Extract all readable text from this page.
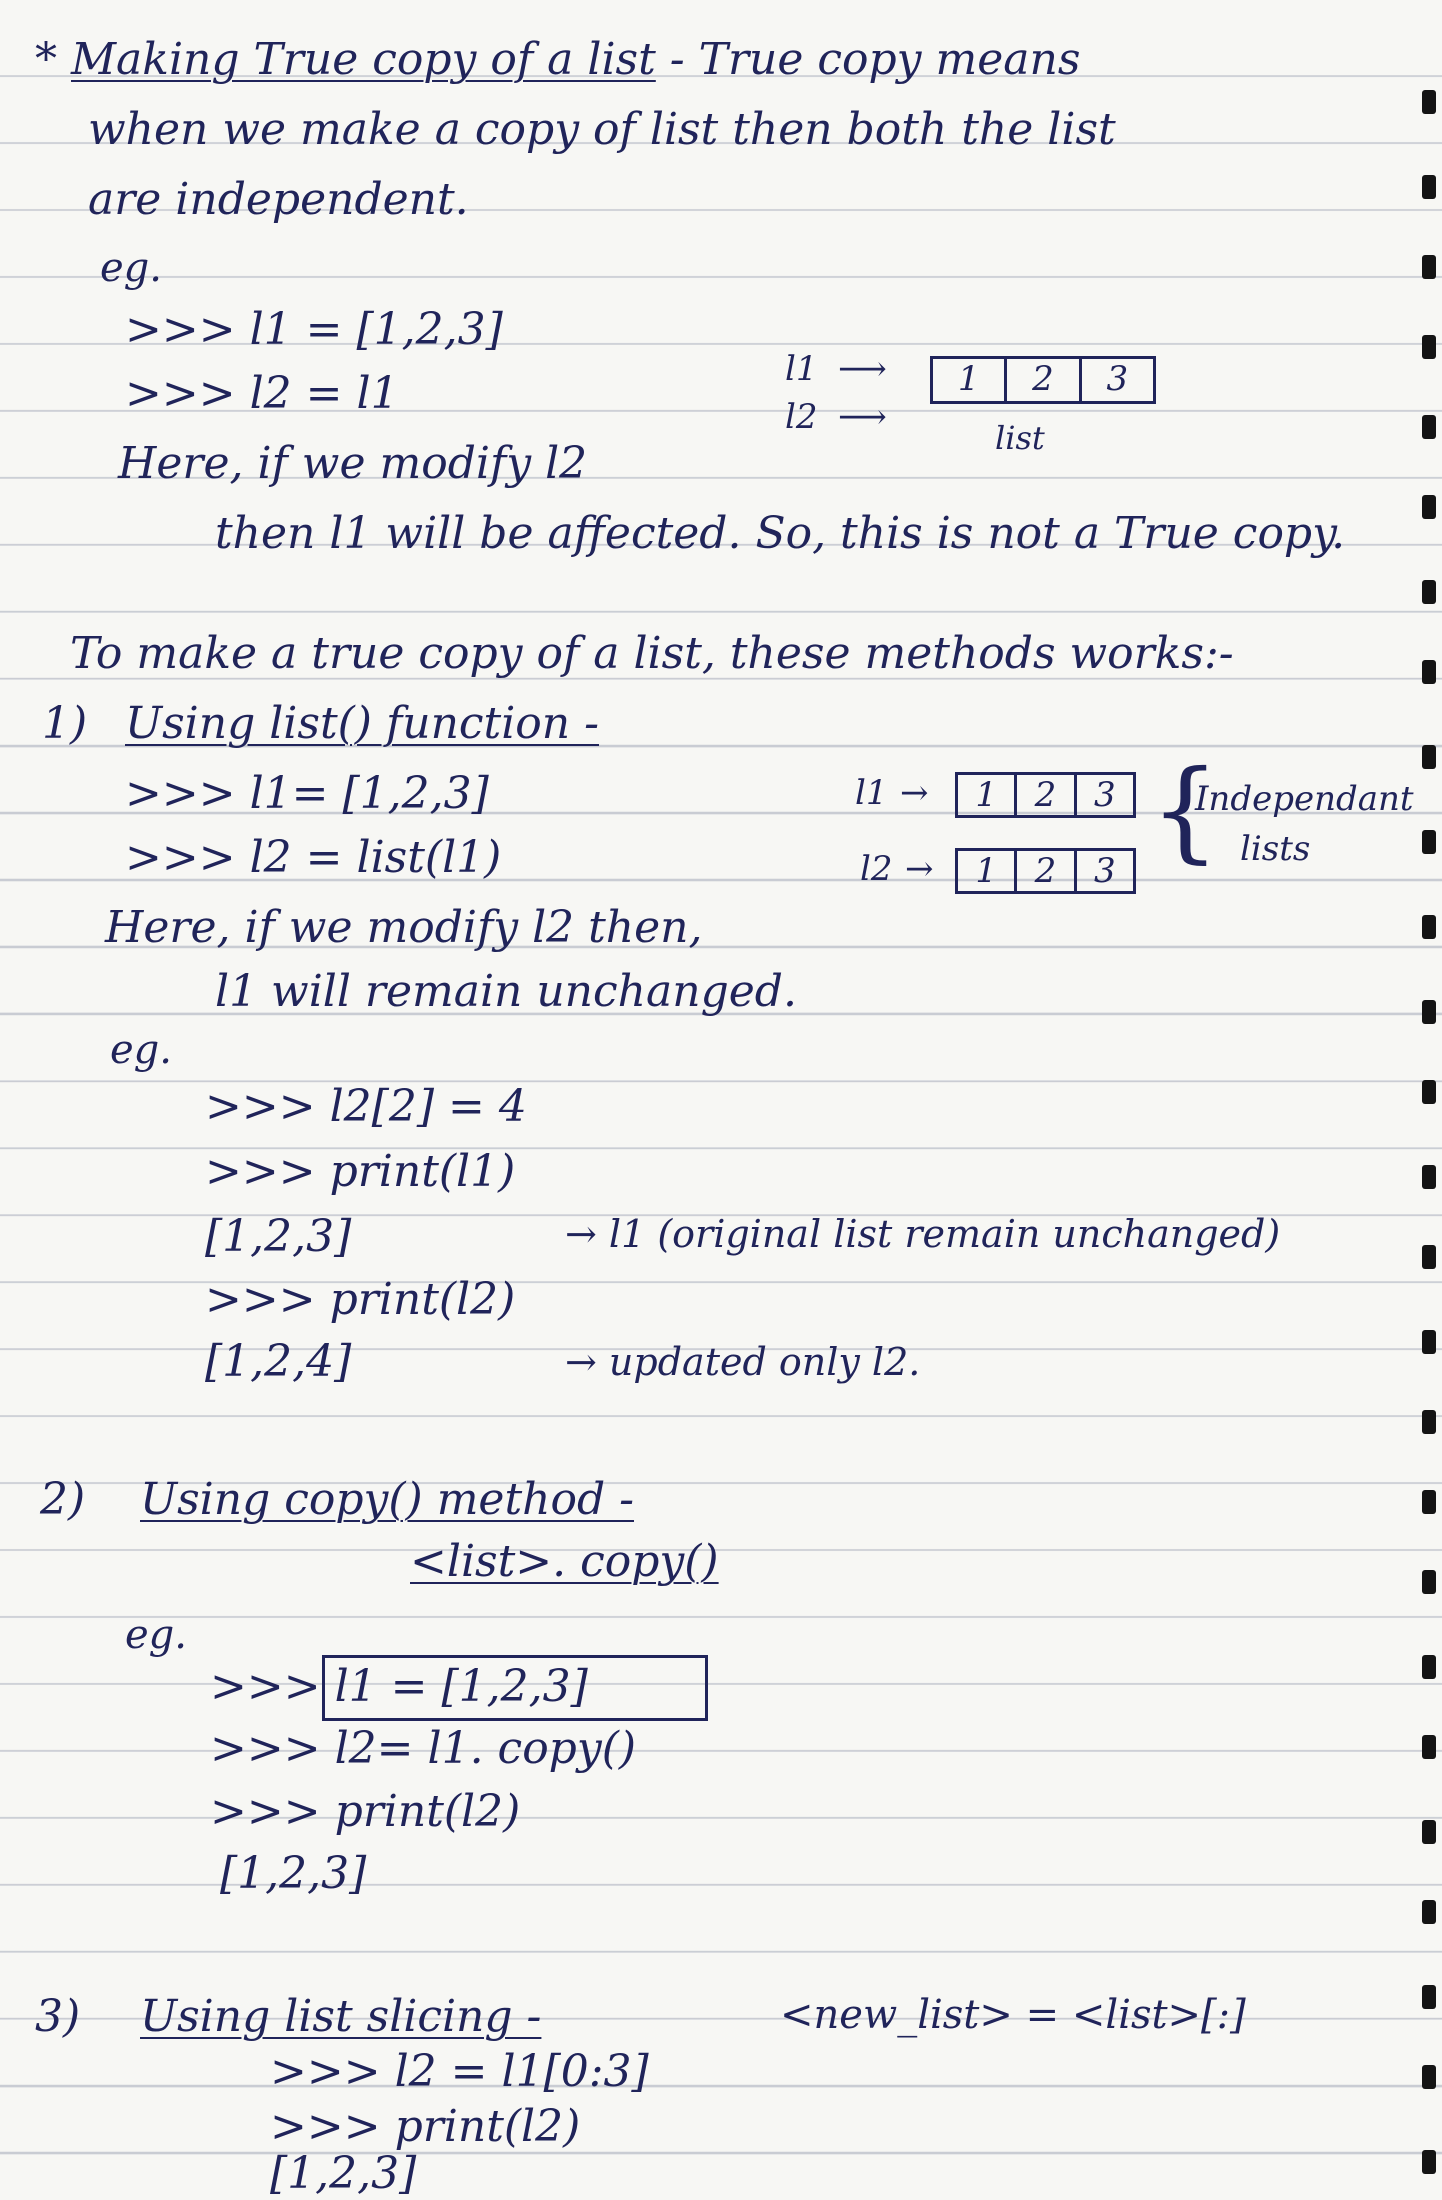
* Making True copy of a list - True copy means
when we make a copy of list then both the list
are independent.
eg.
>>> l1 = [1,2,3]
>>> l2 = l1	l1
l2
⟶
⟶
1	2	3
list
Here, if we modify l2
then l1 will be affected. So, this is not a True copy.
To make a true copy of a list, these methods works:-
1) Using list() function -
>>> l1= [1,2,3]
>>> l2 = list(l1)
l1 →	1	2	3
l2 →	1	2	3 {
Independant
lists
Here, if we modify l2 then,
l1 will remain unchanged.
eg.
>>> l2[2] = 4
>>> print(l1)
[1,2,3]
>>> print(l2)
[1,2,4]
→ l1 (original list remain unchanged)
→ updated only l2.
2) Using copy() method -
<list>. copy()
eg.
>>> l1 = [1,2,3]
>>> l2= l1. copy()
>>> print(l2)
[1,2,3]
3) Using list slicing -	<new_list> = <list>[:]
>>> l2 = l1[0:3]
>>> print(l2)
[1,2,3]
